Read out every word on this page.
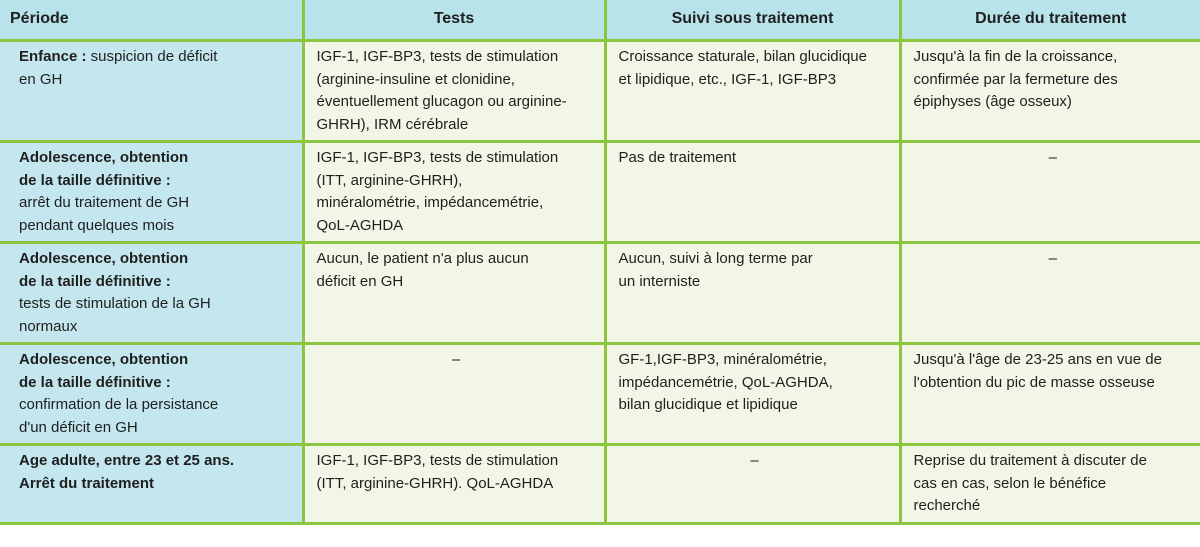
Période	Tests	Suivi sous traitement	Durée du traitement

Enfance : suspicion de déficit
en GH	IGF-1, IGF-BP3, tests de stimulation
(arginine-insuline et clonidine,
éventuellement glucagon ou arginine-
GHRH), IRM cérébrale	Croissance staturale, bilan glucidique
et lipidique, etc., IGF-1, IGF-BP3	Jusqu'à la fin de la croissance,
confirmée par la fermeture des
épiphyses (âge osseux)

Adolescence, obtention
de la taille définitive :
arrêt du traitement de GH
pendant quelques mois	IGF-1, IGF-BP3, tests de stimulation
(ITT, arginine-GHRH),
minéralométrie, impédancemétrie,
QoL-AGHDA	Pas de traitement	–

Adolescence, obtention
de la taille définitive :
tests de stimulation de la GH
normaux	Aucun, le patient n'a plus aucun
déficit en GH	Aucun, suivi à long terme par
un interniste	–

Adolescence, obtention
de la taille définitive :
confirmation de la persistance
d'un déficit en GH	–	GF-1,IGF-BP3, minéralométrie,
impédancemétrie, QoL-AGHDA,
bilan glucidique et lipidique	Jusqu'à l'âge de 23-25 ans en vue de
l'obtention du pic de masse osseuse

Age adulte, entre 23 et 25 ans.
Arrêt du traitement	IGF-1, IGF-BP3, tests de stimulation
(ITT, arginine-GHRH). QoL-AGHDA	–	Reprise du traitement à discuter de
cas en cas, selon le bénéfice
recherché
